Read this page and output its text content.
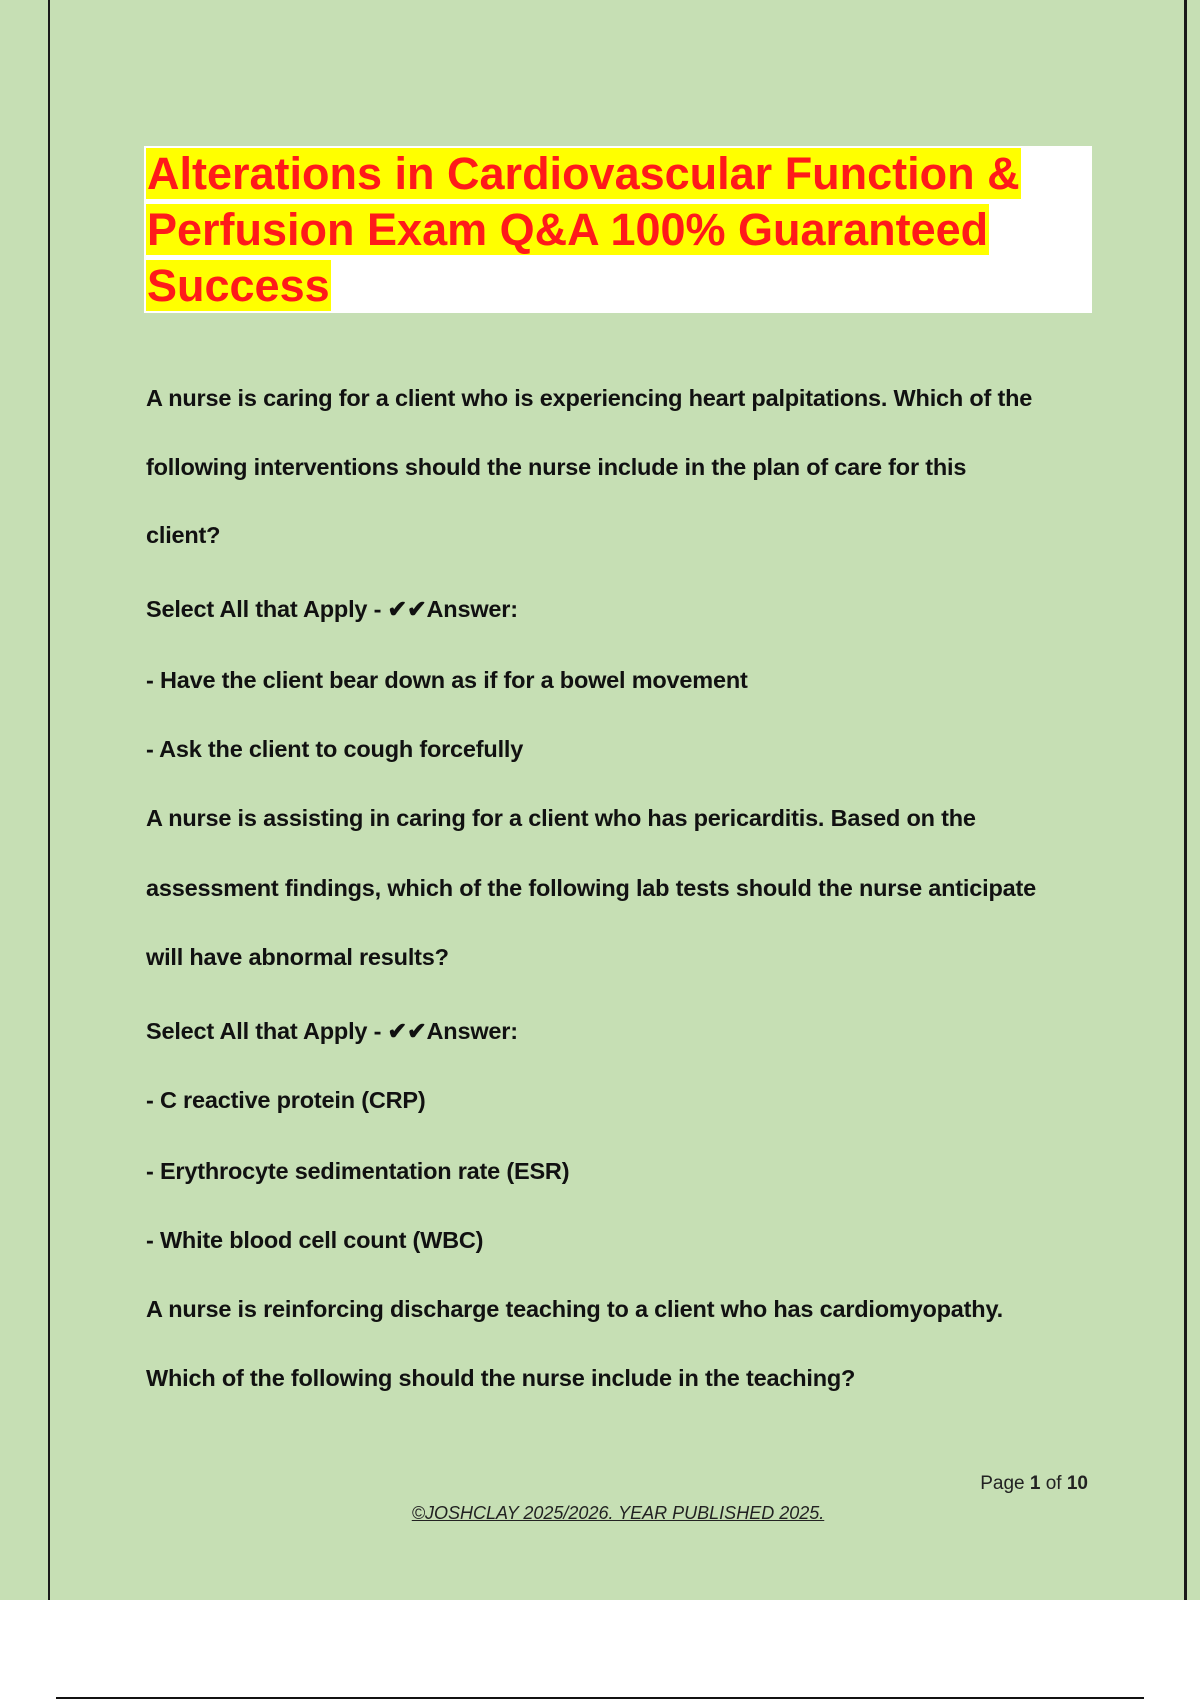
Alterations in Cardiovascular Function &
Perfusion Exam Q&A 100% Guaranteed
Success
A nurse is caring for a client who is experiencing heart palpitations. Which of the
following interventions should the nurse include in the plan of care for this
client?
Select All that Apply - ✔✔Answer:
- Have the client bear down as if for a bowel movement
- Ask the client to cough forcefully
A nurse is assisting in caring for a client who has pericarditis. Based on the
assessment findings, which of the following lab tests should the nurse anticipate
will have abnormal results?
Select All that Apply - ✔✔Answer:
- C reactive protein (CRP)
- Erythrocyte sedimentation rate (ESR)
- White blood cell count (WBC)
A nurse is reinforcing discharge teaching to a client who has cardiomyopathy.
Which of the following should the nurse include in the teaching?
Page 1 of 10
©JOSHCLAY 2025/2026. YEAR PUBLISHED 2025.
